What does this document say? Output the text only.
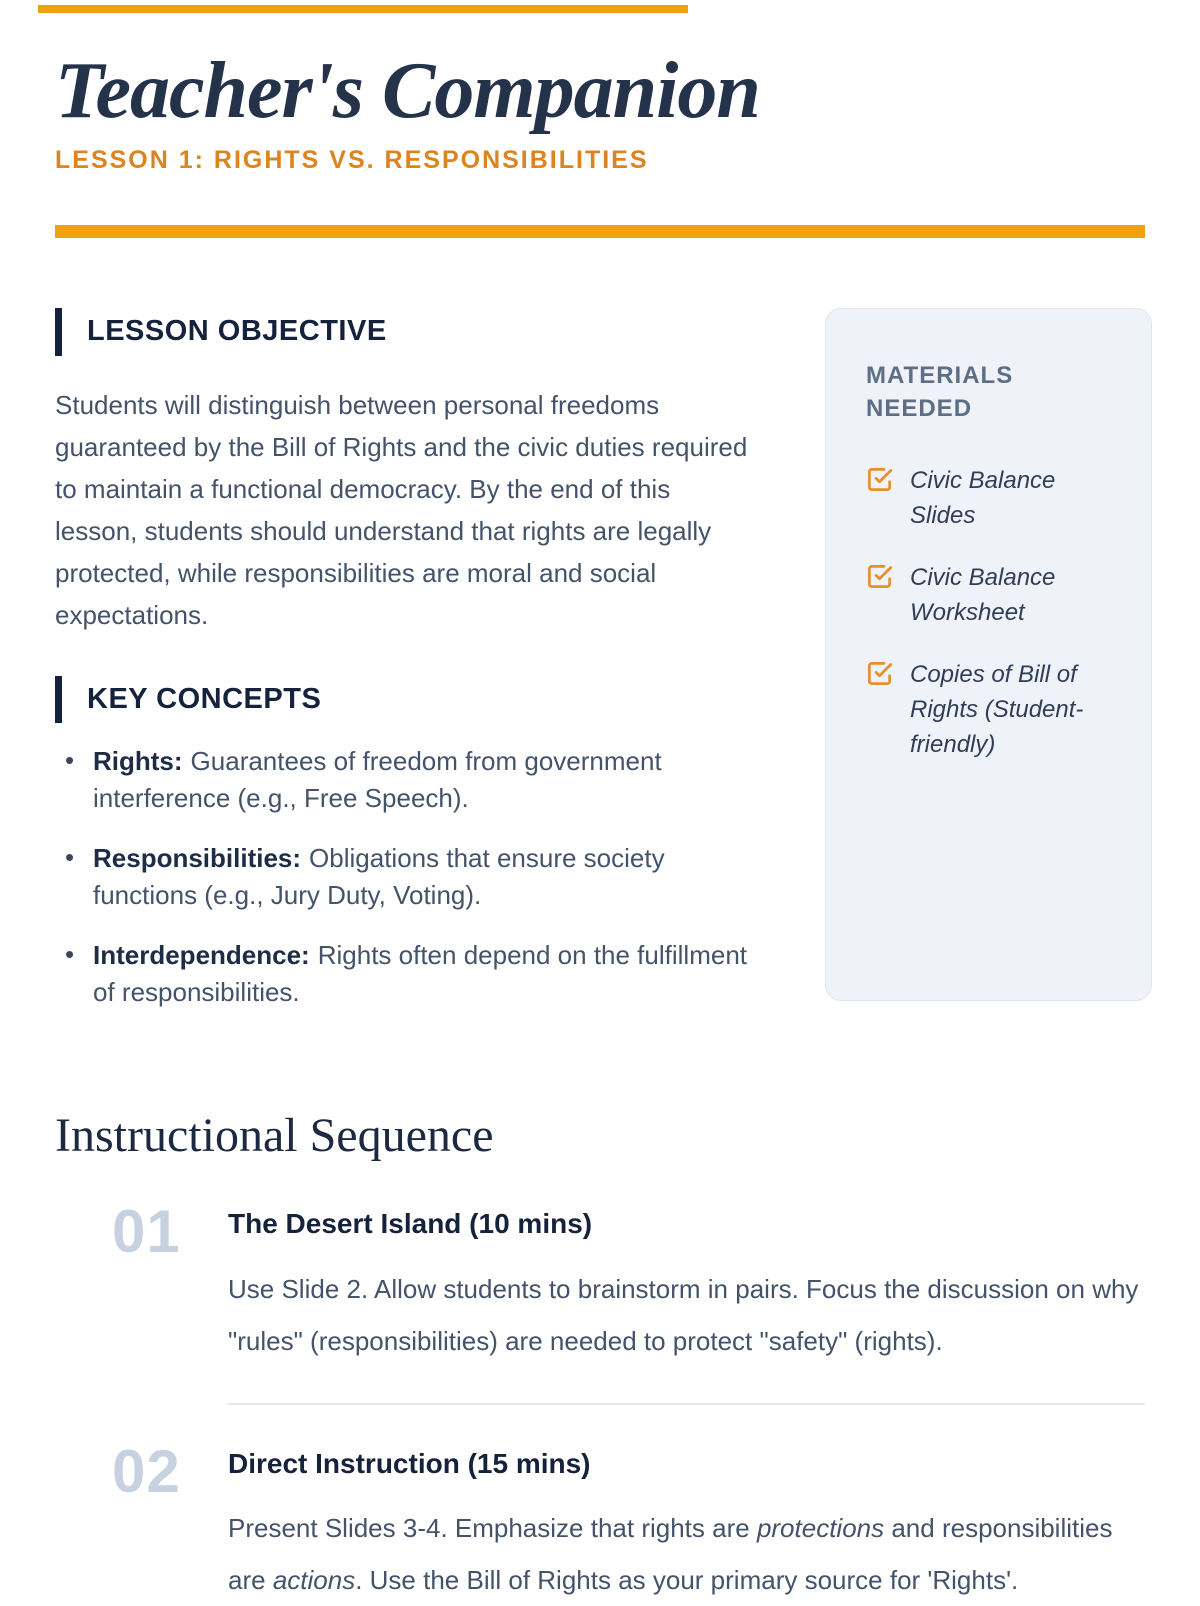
Teacher's Companion
LESSON 1: RIGHTS VS. RESPONSIBILITIES
LESSON OBJECTIVE

Students will distinguish between personal freedoms guaranteed by the Bill of Rights and the civic duties required to maintain a functional democracy. By the end of this lesson, students should understand that rights are legally protected, while responsibilities are moral and social expectations.

KEY CONCEPTS
• Rights: Guarantees of freedom from government interference (e.g., Free Speech).
• Responsibilities: Obligations that ensure society functions (e.g., Jury Duty, Voting).
• Interdependence: Rights often depend on the fulfillment of responsibilities.
MATERIALS NEEDED
Civic Balance Slides
Civic Balance Worksheet
Copies of Bill of Rights (Student-friendly)
Instructional Sequence
01	The Desert Island (10 mins)

Use Slide 2. Allow students to brainstorm in pairs. Focus the discussion on why "rules" (responsibilities) are needed to protect "safety" (rights).

02	Direct Instruction (15 mins)

Present Slides 3-4. Emphasize that rights are protections and responsibilities are actions. Use the Bill of Rights as your primary source for 'Rights'.
